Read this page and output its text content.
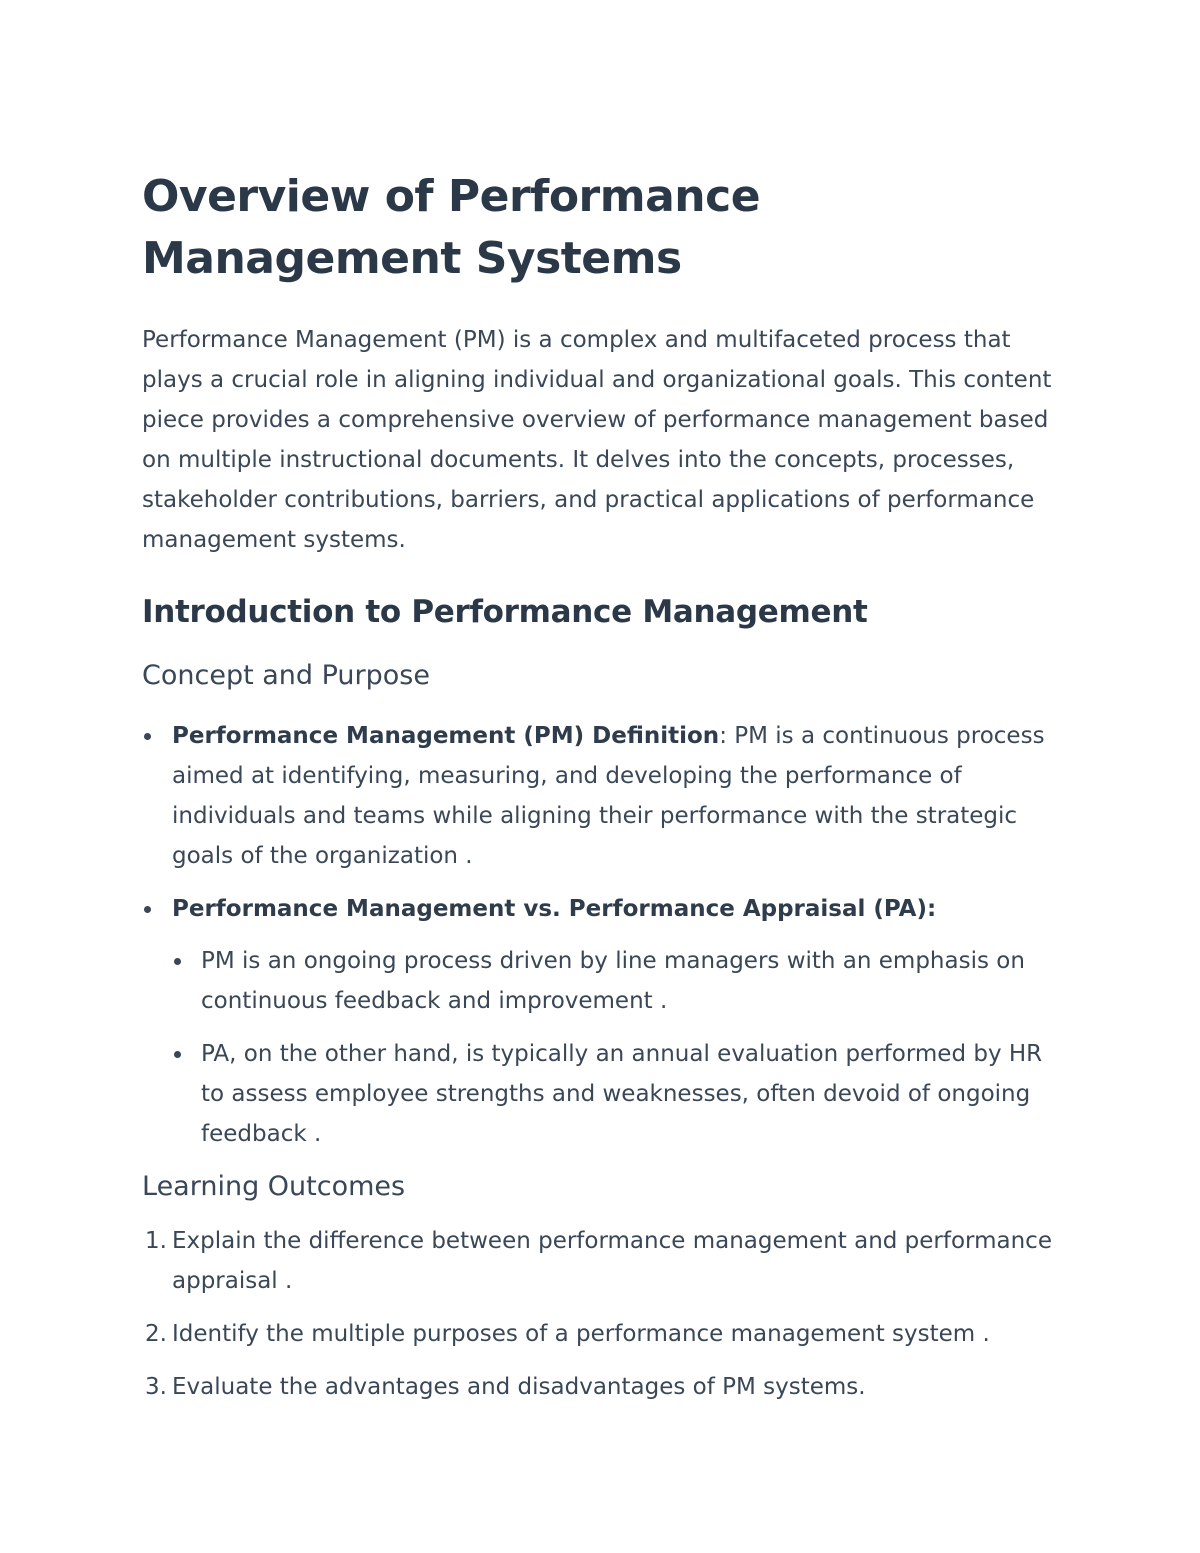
Overview of Performance Management Systems

Performance Management (PM) is a complex and multifaceted process that plays a crucial role in aligning individual and organizational goals. This content piece provides a comprehensive overview of performance management based on multiple instructional documents. It delves into the concepts, processes, stakeholder contributions, barriers, and practical applications of performance management systems.

Introduction to Performance Management
Concept and Purpose
Performance Management (PM) Definition: PM is a continuous process aimed at identifying, measuring, and developing the performance of individuals and teams while aligning their performance with the strategic goals of the organization .
Performance Management vs. Performance Appraisal (PA):
PM is an ongoing process driven by line managers with an emphasis on continuous feedback and improvement .
PA, on the other hand, is typically an annual evaluation performed by HR to assess employee strengths and weaknesses, often devoid of ongoing feedback .
Learning Outcomes
1. Explain the difference between performance management and performance appraisal .
2. Identify the multiple purposes of a performance management system .
3. Evaluate the advantages and disadvantages of PM systems.
